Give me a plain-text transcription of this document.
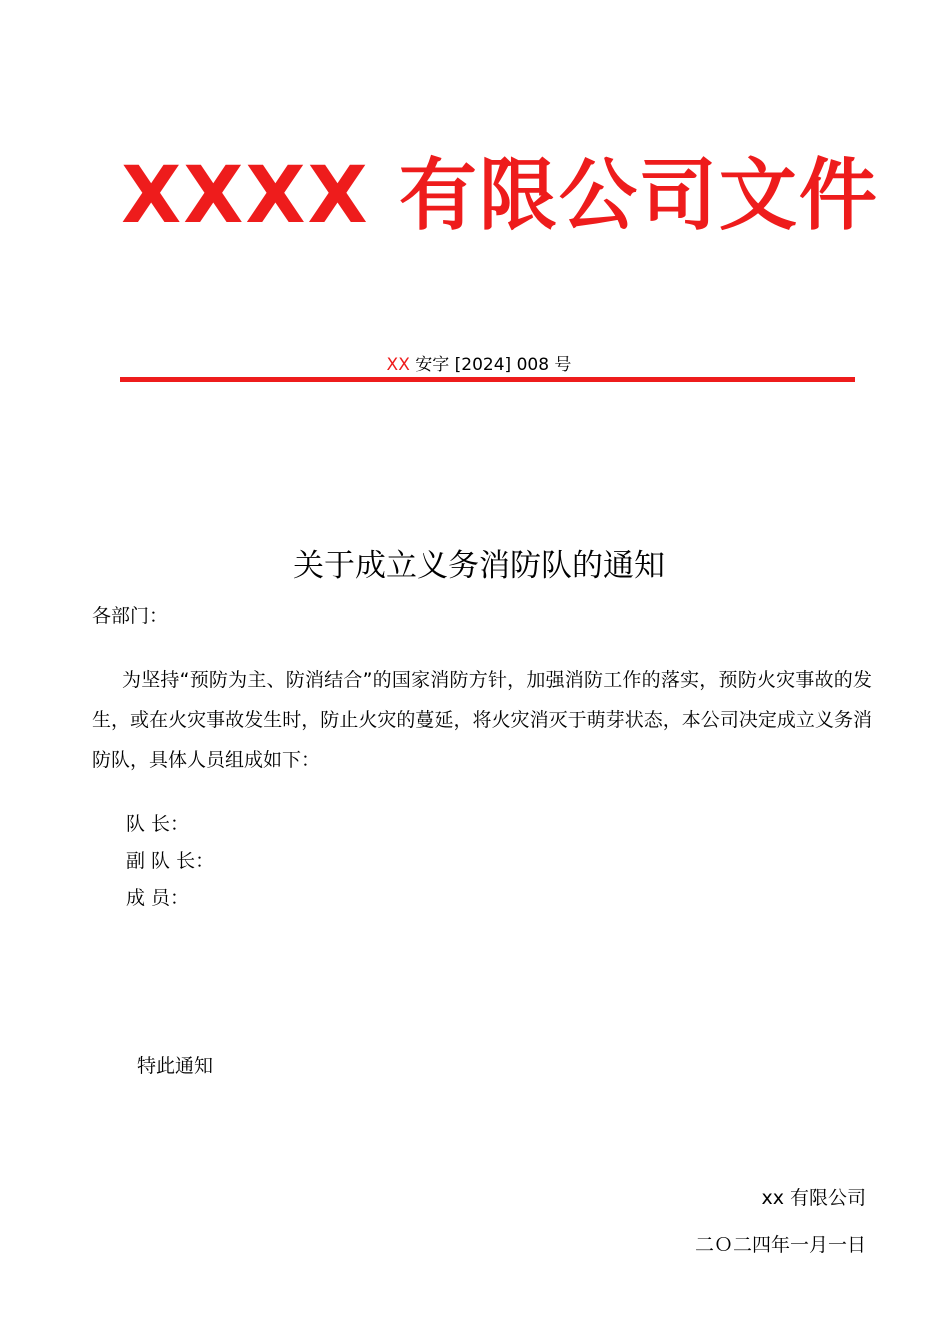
XXXX 有限公司文件
XX 安字 [2024] 008 号
关于成立义务消防队的通知
各部门：
为坚持“预防为主、防消结合”的国家消防方针，加强消防工作的落实，预防火灾事故的发生，或在火灾事故发生时，防止火灾的蔓延，将火灾消灭于萌芽状态，本公司决定成立义务消防队，具体人员组成如下：
队 长：
副 队 长：
成 员：
特此通知
xx 有限公司
二Ｏ二四年一月一日
